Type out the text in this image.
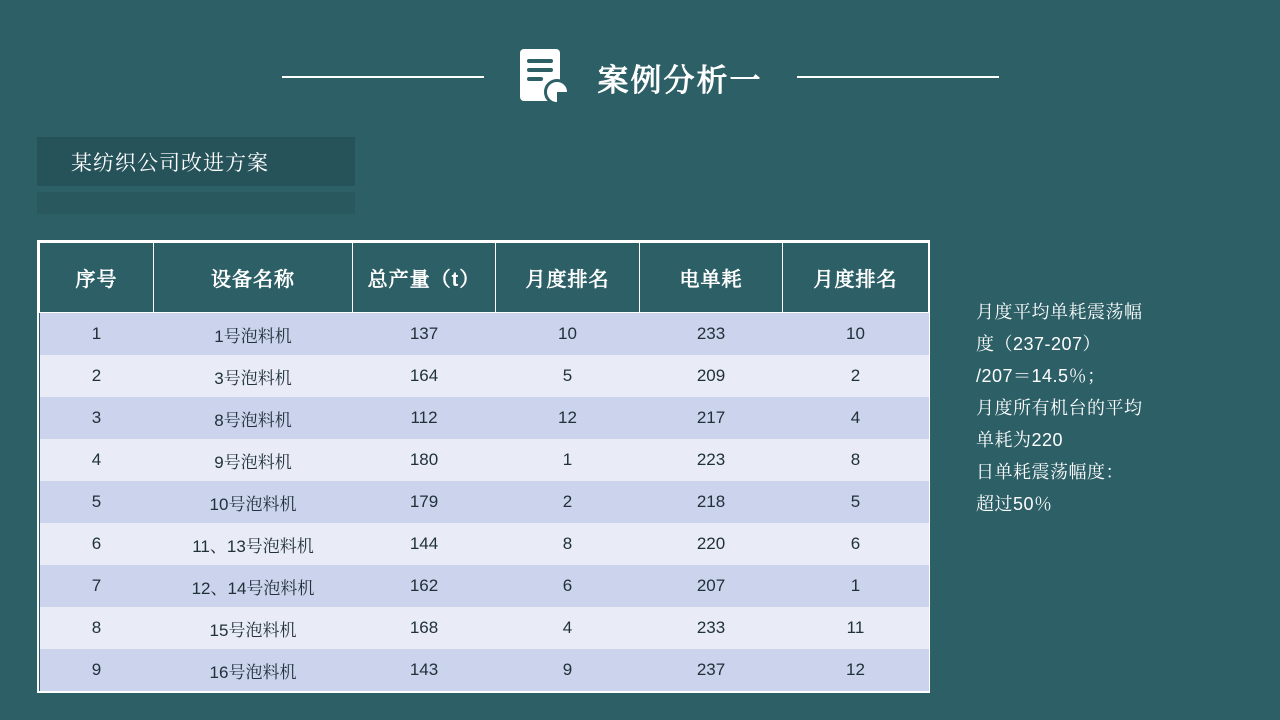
案例分析一
某纺织公司改进方案
序号	设备名称	总产量（t）	月度排名	电单耗	月度排名
1	1号泡料机	137	10	233	10
2	3号泡料机	164	5	209	2
3	8号泡料机	112	12	217	4
4	9号泡料机	180	1	223	8
5	10号泡料机	179	2	218	5
6	11、13号泡料机	144	8	220	6
7	12、14号泡料机	162	6	207	1
8	15号泡料机	168	4	233	11
9	16号泡料机	143	9	237	12

月度平均单耗震荡幅

度（237-207）

/207＝14.5％；

月度所有机台的平均

单耗为220

日单耗震荡幅度：

超过50％
